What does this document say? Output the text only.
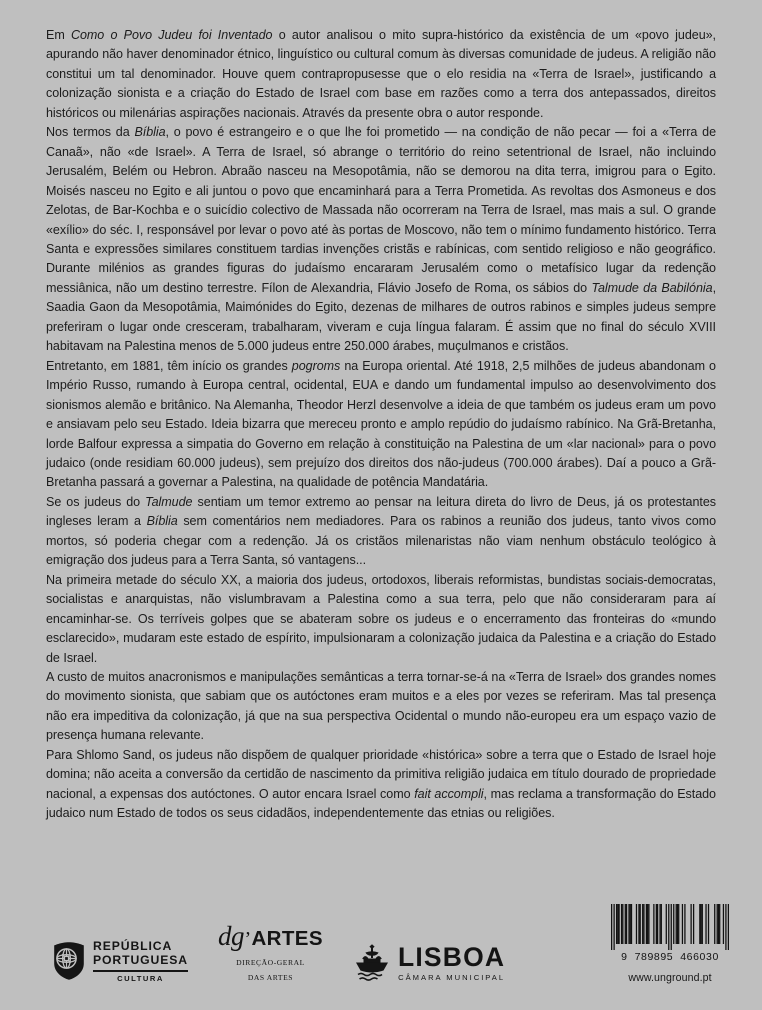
Em Como o Povo Judeu foi Inventado o autor analisou o mito supra-histórico da existência de um «povo judeu», apurando não haver denominador étnico, linguístico ou cultural comum às diversas comunidade de judeus. A religião não constitui um tal denominador. Houve quem contrapropusesse que o elo residia na «Terra de Israel», justificando a colonização sionista e a criação do Estado de Israel com base em razões como a terra dos antepassados, direitos históricos ou milenárias aspirações nacionais. Através da presente obra o autor responde.

Nos termos da Bíblia, o povo é estrangeiro e o que lhe foi prometido — na condição de não pecar — foi a «Terra de Canaã», não «de Israel». A Terra de Israel, só abrange o território do reino setentrional de Israel, não incluindo Jerusalém, Belém ou Hebron. Abraão nasceu na Mesopotâmia, não se demorou na dita terra, imigrou para o Egito. Moisés nasceu no Egito e ali juntou o povo que encaminhará para a Terra Prometida. As revoltas dos Asmoneus e dos Zelotas, de Bar-Kochba e o suicídio colectivo de Massada não ocorreram na Terra de Israel, mas mais a sul. O grande «exílio» do séc. I, responsável por levar o povo até às portas de Moscovo, não tem o mínimo fundamento histórico. Terra Santa e expressões similares constituem tardias invenções cristãs e rabínicas, com sentido religioso e não geográfico. Durante milénios as grandes figuras do judaísmo encararam Jerusalém como o metafísico lugar da redenção messiânica, não um destino terrestre. Fílon de Alexandria, Flávio Josefo de Roma, os sábios do Talmude da Babilónia, Saadia Gaon da Mesopotâmia, Maimónides do Egito, dezenas de milhares de outros rabinos e simples judeus sempre preferiram o lugar onde cresceram, trabalharam, viveram e cuja língua falaram. É assim que no final do século XVIII habitavam na Palestina menos de 5.000 judeus entre 250.000 árabes, muçulmanos e cristãos.

Entretanto, em 1881, têm início os grandes pogroms na Europa oriental. Até 1918, 2,5 milhões de judeus abandonam o Império Russo, rumando à Europa central, ocidental, EUA e dando um fundamental impulso ao desenvolvimento dos sionismos alemão e britânico. Na Alemanha, Theodor Herzl desenvolve a ideia de que também os judeus eram um povo e ansiavam pelo seu Estado. Ideia bizarra que mereceu pronto e amplo repúdio do judaísmo rabínico. Na Grã-Bretanha, lorde Balfour expressa a simpatia do Governo em relação à constituição na Palestina de um «lar nacional» para o povo judaico (onde residiam 60.000 judeus), sem prejuízo dos direitos dos não-judeus (700.000 árabes). Daí a pouco a Grã-Bretanha passará a governar a Palestina, na qualidade de potência Mandatária.

Se os judeus do Talmude sentiam um temor extremo ao pensar na leitura direta do livro de Deus, já os protestantes ingleses leram a Bíblia sem comentários nem mediadores. Para os rabinos a reunião dos judeus, tanto vivos como mortos, só poderia chegar com a redenção. Já os cristãos milenaristas não viam nenhum obstáculo teológico à emigração dos judeus para a Terra Santa, só vantagens...

Na primeira metade do século XX, a maioria dos judeus, ortodoxos, liberais reformistas, bundistas sociais-democratas, socialistas e anarquistas, não vislumbravam a Palestina como a sua terra, pelo que não consideraram para aí encaminhar-se. Os terríveis golpes que se abateram sobre os judeus e o encerramento das fronteiras do «mundo esclarecido», mudaram este estado de espírito, impulsionaram a colonização judaica da Palestina e a criação do Estado de Israel.

A custo de muitos anacronismos e manipulações semânticas a terra tornar-se-á na «Terra de Israel» dos grandes nomes do movimento sionista, que sabiam que os autóctones eram muitos e a eles por vezes se referiram. Mas tal presença não era impeditiva da colonização, já que na sua perspectiva Ocidental o mundo não-europeu era um espaço vazio de presença humana relevante.

Para Shlomo Sand, os judeus não dispõem de qualquer prioridade «histórica» sobre a terra que o Estado de Israel hoje domina; não aceita a conversão da certidão de nascimento da primitiva religião judaica em título dourado de propriedade nacional, a expensas dos autóctones. O autor encara Israel como fait accompli, mas reclama a transformação do Estado judaico num Estado de todos os seus cidadãos, independentemente das etnias ou religiões.

REPÚBLICA
PORTUGUESA
CULTURA
dg ’ ARTES
DIREÇÃO-GERAL
DAS ARTES
LISBOA
CÂMARA MUNICIPAL
9  789895  466030
www.unground.pt
